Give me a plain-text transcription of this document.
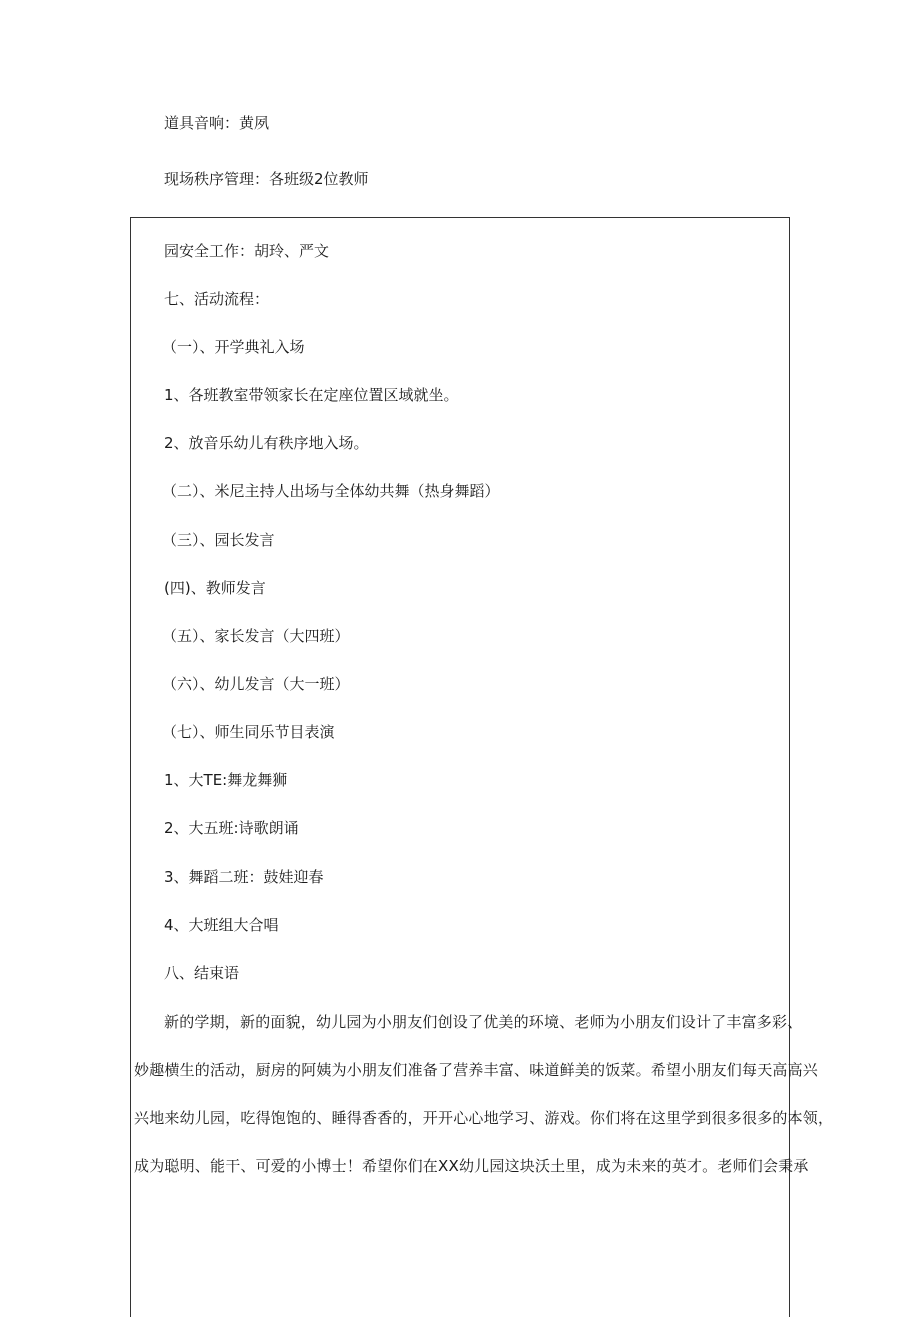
道具音响：黄夙
现场秩序管理：各班级2位教师
园安全工作：胡玲、严文
七、活动流程：
（一）、开学典礼入场
1、各班教室带领家长在定座位置区域就坐。
2、放音乐幼儿有秩序地入场。
（二）、米尼主持人出场与全体幼共舞（热身舞蹈）
（三）、园长发言
(四)、教师发言
（五）、家长发言（大四班）
（六）、幼儿发言（大一班）
（七）、师生同乐节目表演
1、大TE:舞龙舞狮
2、大五班:诗歌朗诵
3、舞蹈二班：鼓娃迎春
4、大班组大合唱
八、结束语
新的学期，新的面貌，幼儿园为小朋友们创设了优美的环境、老师为小朋友们设计了丰富多彩、
妙趣横生的活动，厨房的阿姨为小朋友们准备了营养丰富、味道鲜美的饭菜。希望小朋友们每天高高兴
兴地来幼儿园，吃得饱饱的、睡得香香的，开开心心地学习、游戏。你们将在这里学到很多很多的本领，
成为聪明、能干、可爱的小博士！希望你们在XX幼儿园这块沃土里，成为未来的英才。老师们会秉承
